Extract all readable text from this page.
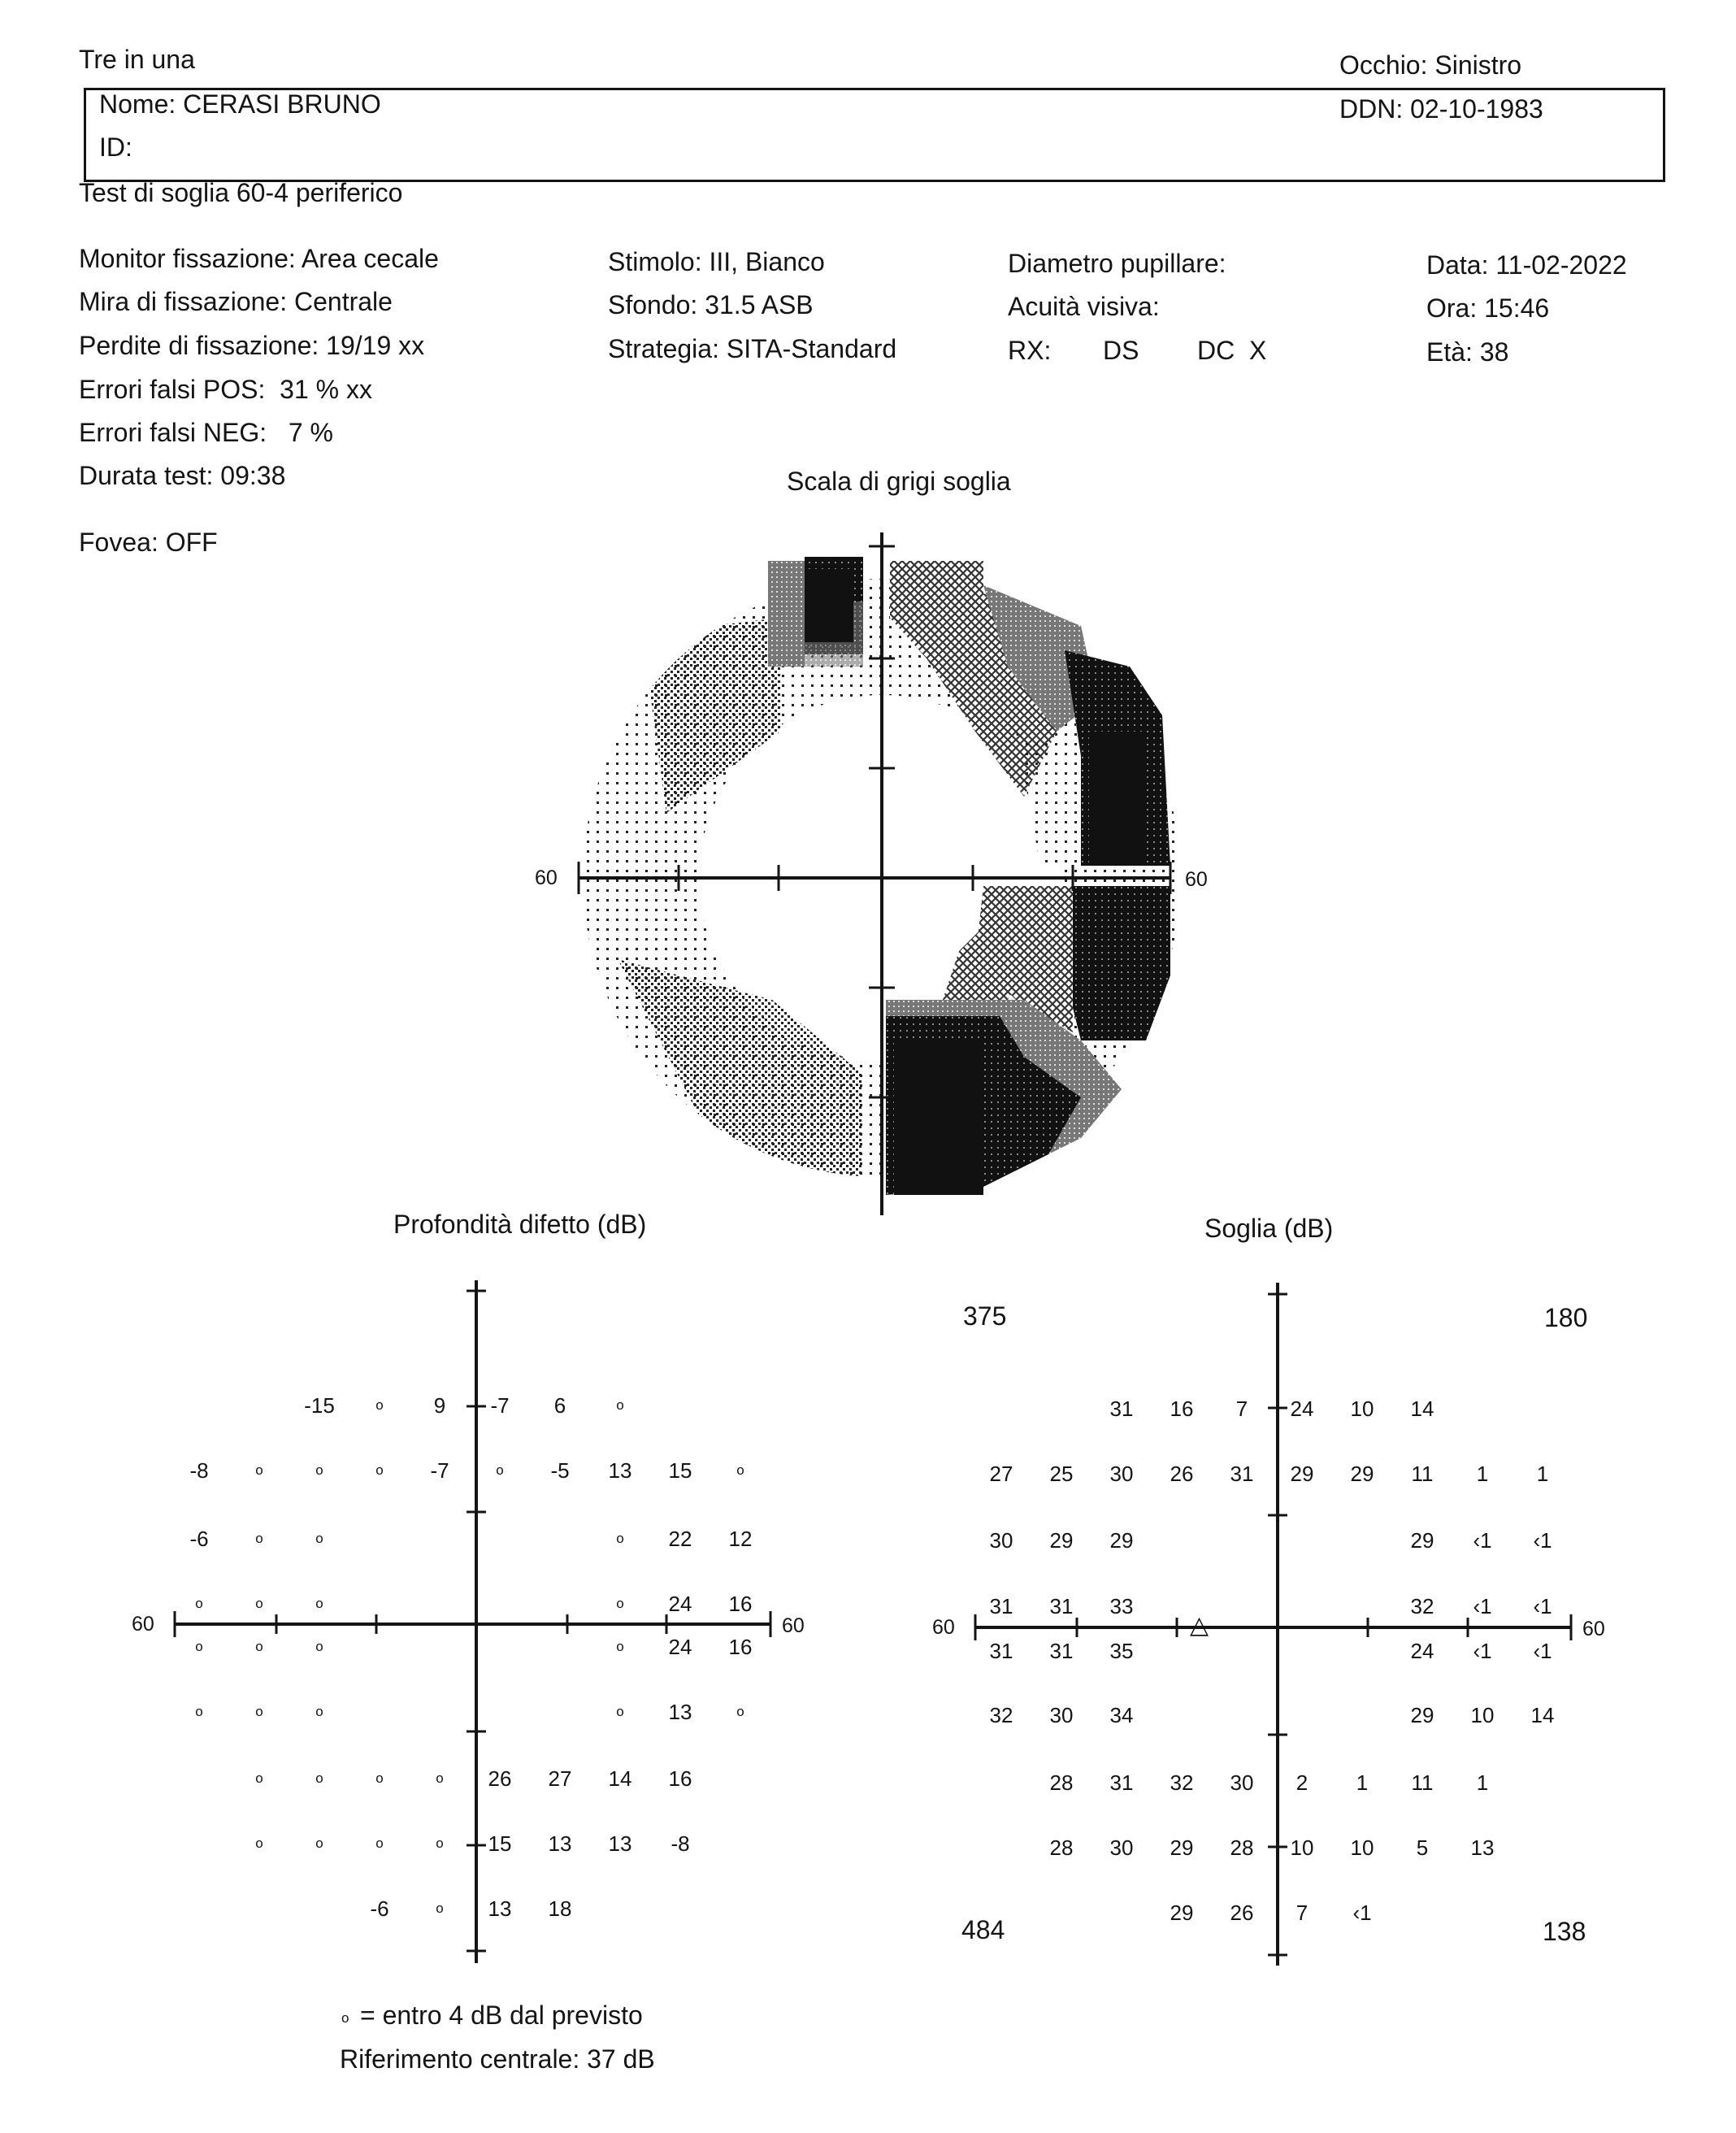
Tre in una	Occhio: Sinistro
Nome: CERASI BRUNO
ID:
DDN: 02-10-1983
Test di soglia 60-4 periferico
Monitor fissazione: Area cecale
Mira di fissazione: Centrale
Perdite di fissazione: 19/19 xx
Errori falsi POS:  31 % xx
Errori falsi NEG:   7 %
Durata test: 09:38
Fovea: OFF
Stimolo: III, Bianco
Sfondo: 31.5 ASB
Strategia: SITA-Standard
Diametro pupillare:
Acuità visiva:
RX: DS DC  X
Data: 11-02-2022
Ora: 15:46
Età: 38
Scala di grigi soglia
60	60
Profondità difetto (dB)
60	60
-15	o	9	-7	6	o
-8	o	o	o	-7	o	-5	13	15	o
-6	o	o	o	22	12
o	o	o	o	24	16
o	o	o	o	24	16
o	o	o	o	13	o
o	o	o	o	26	27	14	16
o	o	o	o	15	13	13	-8
-6	o	13	18
o = entro 4 dB dal previsto
Riferimento centrale: 37 dB
Soglia (dB)
60	60
△
375	180
484	138
31	16	7	24	10	14
27	25	30	26	31	29	29	11	1	1
30	29	29	29	‹1	‹1
31	31	33	32	‹1	‹1
31	31	35	24	‹1	‹1
32	30	34	29	10	14
28	31	32	30	2	1	11	1
28	30	29	28	10	10	5	13
29	26	7	‹1
